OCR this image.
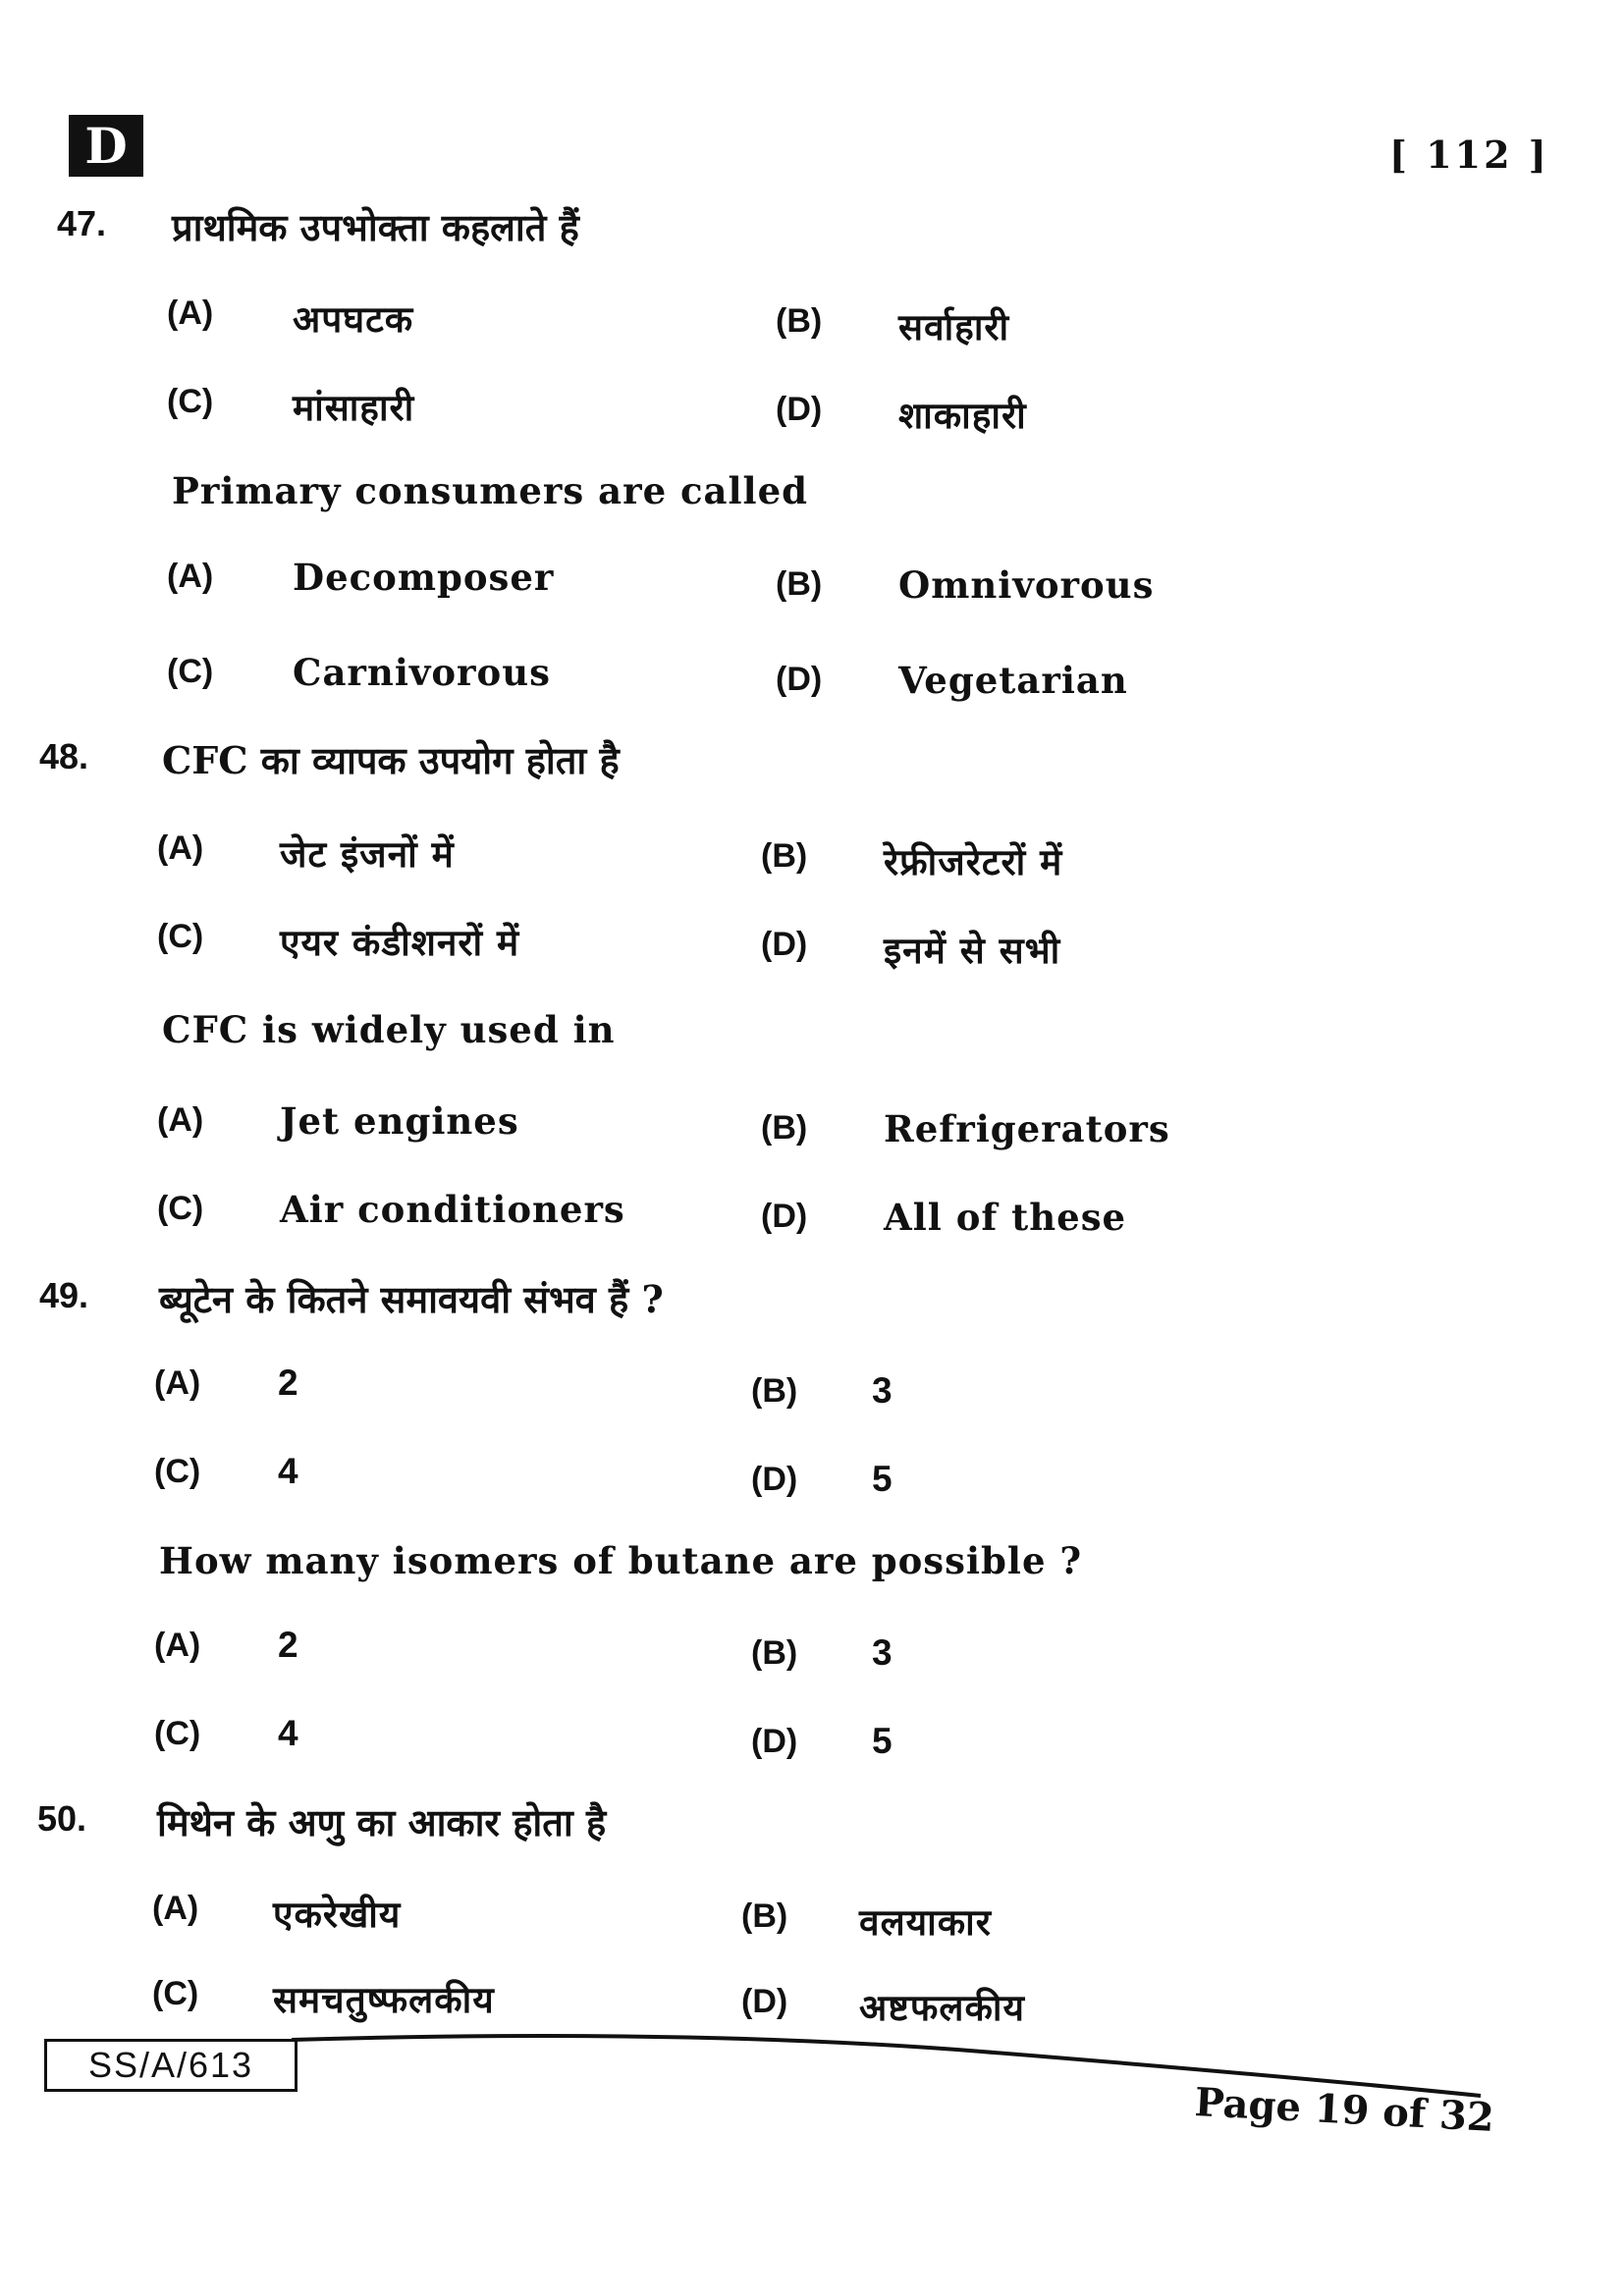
D	[ 112 ]
47. प्राथमिक उपभोक्ता कहलाते हैं
(A) अपघटक	(B) सर्वाहारी
(C) मांसाहारी	(D) शाकाहारी
Primary consumers are called
(A) Decomposer	(B) Omnivorous
(C) Carnivorous	(D) Vegetarian
48. CFC का व्यापक उपयोग होता है
(A) जेट इंजनों में	(B) रेफ्रीजरेटरों में
(C) एयर कंडीशनरों में	(D) इनमें से सभी
CFC is widely used in
(A) Jet engines	(B) Refrigerators
(C) Air conditioners	(D) All of these
49. ब्यूटेन के कितने समावयवी संभव हैं ?
(A) 2	(B) 3
(C) 4	(D) 5
How many isomers of butane are possible ?
(A) 2	(B) 3
(C) 4	(D) 5
50. मिथेन के अणु का आकार होता है
(A) एकरेखीय	(B) वलयाकार
(C) समचतुष्फलकीय	(D) अष्टफलकीय
SS/A/613
Page 19 of 32
